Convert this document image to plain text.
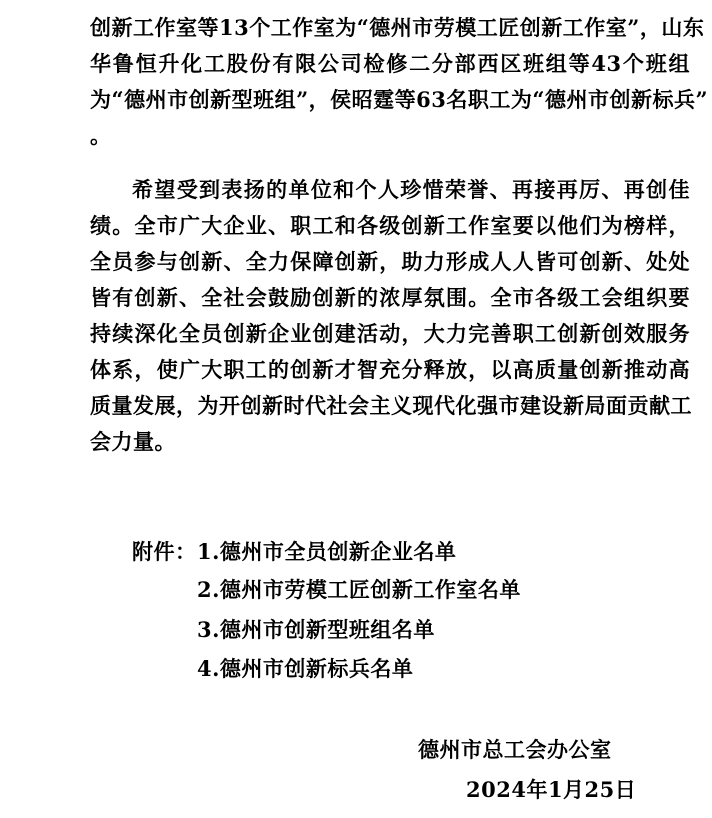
创新工作室等13个工作室为“德州市劳模工匠创新工作室”，山东
华鲁恒升化工股份有限公司检修二分部西区班组等43个班组
为“德州市创新型班组”，侯昭霆等63名职工为“德州市创新标兵”
。
希望受到表扬的单位和个人珍惜荣誉、再接再厉、再创佳
绩。全市广大企业、职工和各级创新工作室要以他们为榜样，
全员参与创新、全力保障创新，助力形成人人皆可创新、处处
皆有创新、全社会鼓励创新的浓厚氛围。全市各级工会组织要
持续深化全员创新企业创建活动，大力完善职工创新创效服务
体系，使广大职工的创新才智充分释放，以高质量创新推动高
质量发展，为开创新时代社会主义现代化强市建设新局面贡献工
会力量。
附件： 1.德州市全员创新企业名单
2.德州市劳模工匠创新工作室名单
3.德州市创新型班组名单
4.德州市创新标兵名单
德州市总工会办公室
2024年1月25日
